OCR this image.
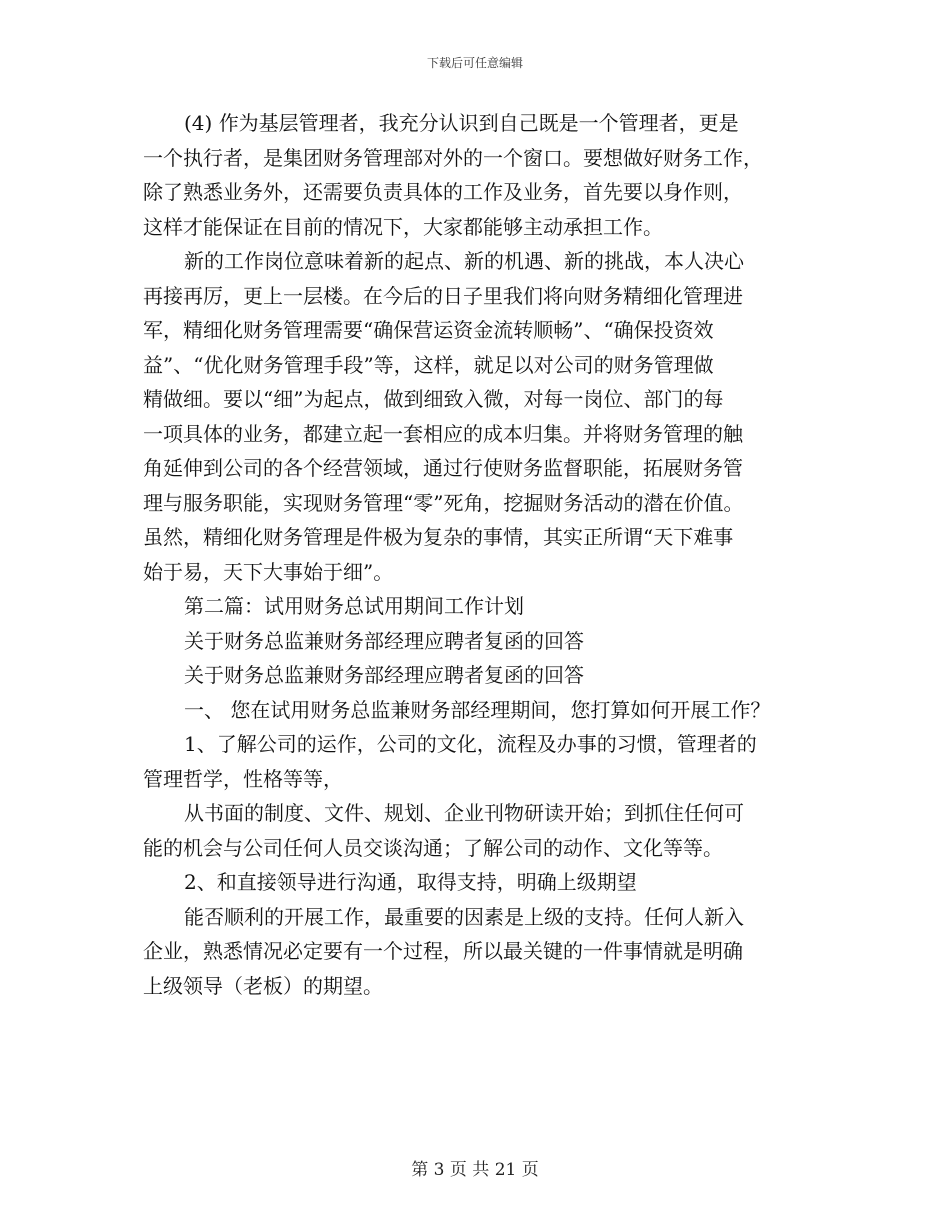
下载后可任意编辑
(4) 作为基层管理者，我充分认识到自己既是一个管理者，更是
一个执行者，是集团财务管理部对外的一个窗口。要想做好财务工作，
除了熟悉业务外，还需要负责具体的工作及业务，首先要以身作则，
这样才能保证在目前的情况下，大家都能够主动承担工作。
新的工作岗位意味着新的起点、新的机遇、新的挑战，本人决心
再接再厉，更上一层楼。在今后的日子里我们将向财务精细化管理进
军，精细化财务管理需要“确保营运资金流转顺畅”、“确保投资效
益”、“优化财务管理手段”等，这样，就足以对公司的财务管理做
精做细。要以“细”为起点，做到细致入微，对每一岗位、部门的每
一项具体的业务，都建立起一套相应的成本归集。并将财务管理的触
角延伸到公司的各个经营领域，通过行使财务监督职能，拓展财务管
理与服务职能，实现财务管理“零”死角，挖掘财务活动的潜在价值。
虽然，精细化财务管理是件极为复杂的事情，其实正所谓“天下难事
始于易，天下大事始于细”。
第二篇：试用财务总试用期间工作计划
关于财务总监兼财务部经理应聘者复函的回答
关于财务总监兼财务部经理应聘者复函的回答
一、 您在试用财务总监兼财务部经理期间，您打算如何开展工作？
1、了解公司的运作，公司的文化，流程及办事的习惯，管理者的
管理哲学，性格等等，
从书面的制度、文件、规划、企业刊物研读开始；到抓住任何可
能的机会与公司任何人员交谈沟通；了解公司的动作、文化等等。
2、和直接领导进行沟通，取得支持，明确上级期望
能否顺利的开展工作，最重要的因素是上级的支持。任何人新入
企业，熟悉情况必定要有一个过程，所以最关键的一件事情就是明确
上级领导（老板）的期望。
第 3 页 共 21 页
